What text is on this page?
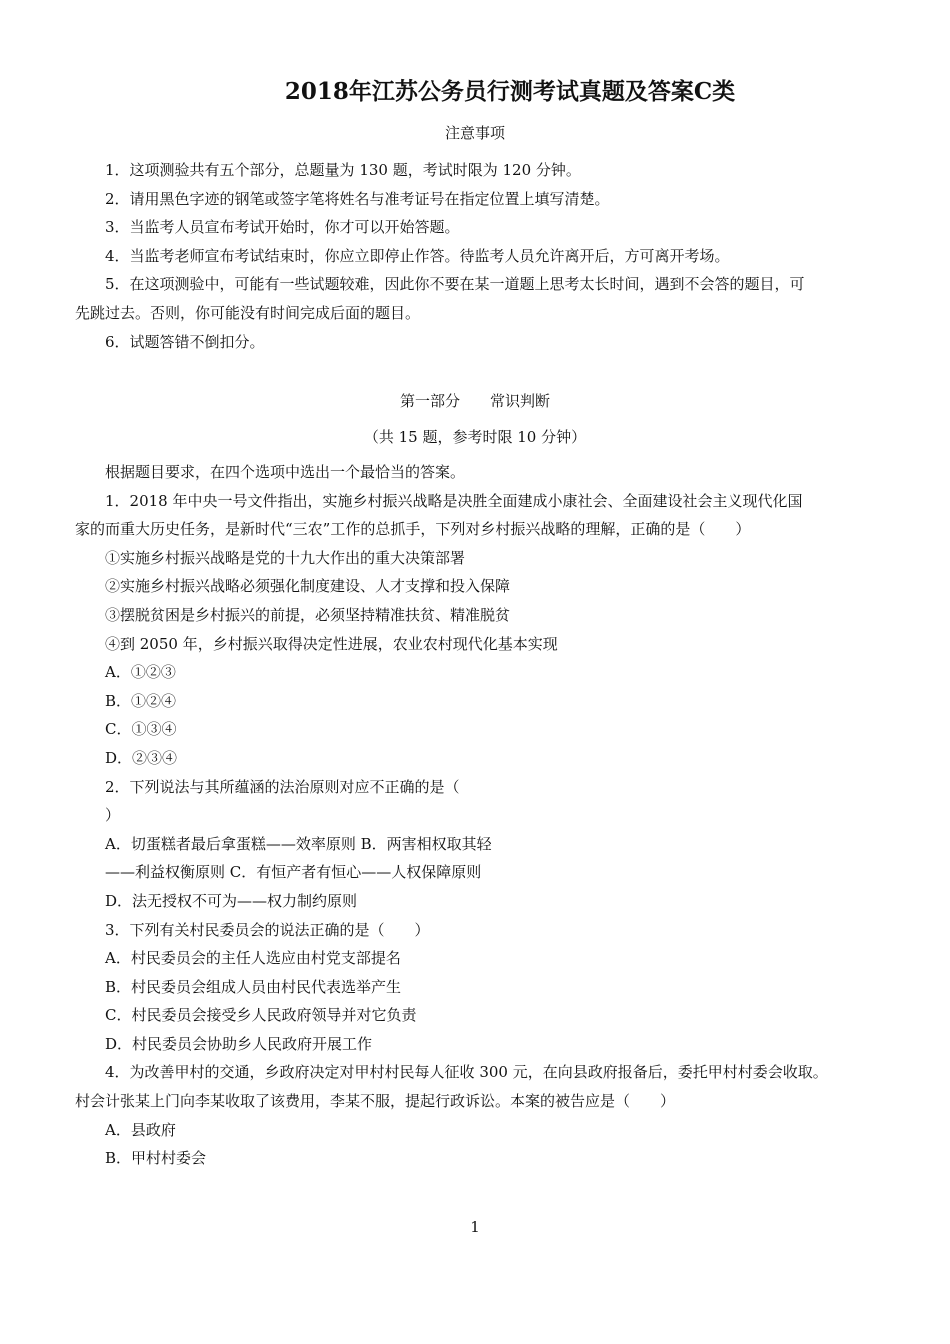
2018年江苏公务员行测考试真题及答案C类
注意事项
1．这项测验共有五个部分，总题量为 130 题，考试时限为 120 分钟。
2．请用黑色字迹的钢笔或签字笔将姓名与准考证号在指定位置上填写清楚。
3．当监考人员宣布考试开始时，你才可以开始答题。
4．当监考老师宣布考试结束时，你应立即停止作答。待监考人员允许离开后，方可离开考场。
5．在这项测验中，可能有一些试题较难，因此你不要在某一道题上思考太长时间，遇到不会答的题目，可
先跳过去。否则，你可能没有时间完成后面的题目。
6．试题答错不倒扣分。
第一部分　　常识判断
（共 15 题，参考时限 10 分钟）
根据题目要求，在四个选项中选出一个最恰当的答案。
1．2018 年中央一号文件指出，实施乡村振兴战略是决胜全面建成小康社会、全面建设社会主义现代化国
家的而重大历史任务，是新时代“三农”工作的总抓手，下列对乡村振兴战略的理解，正确的是（　　）
①实施乡村振兴战略是党的十九大作出的重大决策部署
②实施乡村振兴战略必须强化制度建设、人才支撑和投入保障
③摆脱贫困是乡村振兴的前提，必须坚持精准扶贫、精准脱贫
④到 2050 年，乡村振兴取得决定性进展，农业农村现代化基本实现
A．①②③
B．①②④
C．①③④
D．②③④
2．下列说法与其所蕴涵的法治原则对应不正确的是（
）
A．切蛋糕者最后拿蛋糕——效率原则 B．两害相权取其轻
——利益权衡原则 C．有恒产者有恒心——人权保障原则
D．法无授权不可为——权力制约原则
3．下列有关村民委员会的说法正确的是（　　）
A．村民委员会的主任人选应由村党支部提名
B．村民委员会组成人员由村民代表选举产生
C．村民委员会接受乡人民政府领导并对它负责
D．村民委员会协助乡人民政府开展工作
4．为改善甲村的交通，乡政府决定对甲村村民每人征收 300 元，在向县政府报备后，委托甲村村委会收取。
村会计张某上门向李某收取了该费用，李某不服，提起行政诉讼。本案的被告应是（　　）
A．县政府
B．甲村村委会
1
